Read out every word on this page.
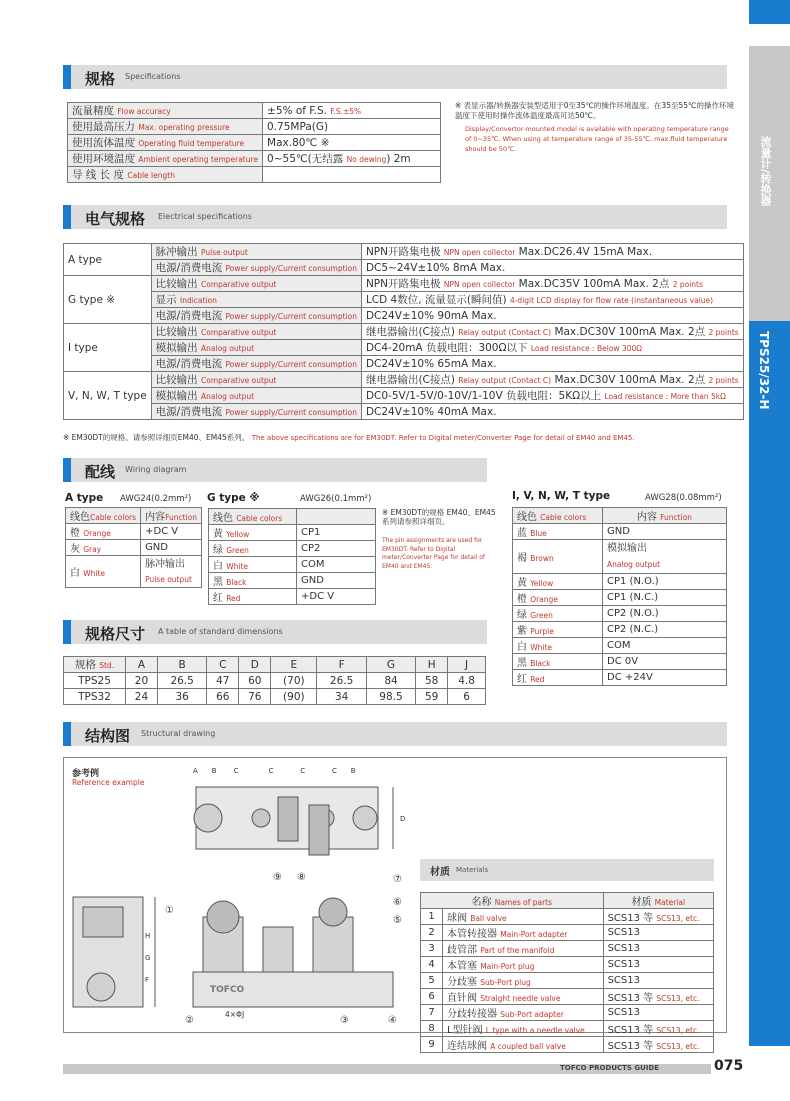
流量计/转换器
TPS25/32-H
规格 Specifications
流量精度 Flow accuracy	±5% of F.S. F.S.±5%
使用最高压力 Max. operating pressure	0.75MPa(G)
使用流体温度 Operating fluid temperature	Max.80℃ ※
使用环境温度 Ambient operating temperature	0~55℃(无结露 No dewing) 2m
导 线 长 度 Cable length	
※ 表显示器/转换器安装型适用于0至35℃的操作环境温度。在35至55℃的操作环境温度下使用时操作流体温度最高可达50℃。
Display/Convertor-mounted model is available with operating temperature range of 0~35℃. When using at temperature range of 35-55℃, max.fluid temperature should be 50℃.
电气规格 Electrical specifications
A type	脉冲输出 Pulse output	NPN开路集电极 NPN open collector Max.DC26.4V 15mA Max.
	电源/消费电流 Power supply/Current consumption	DC5~24V±10% 8mA Max.
G type ※	比较输出 Comparative output	NPN开路集电极 NPN open collector Max.DC35V 100mA Max. 2点 2 points
	显示 Indication	LCD 4数位, 流量显示(瞬间值) 4-digit LCD display for flow rate (instantaneous value)
	电源/消费电流 Power supply/Current consumption	DC24V±10% 90mA Max.
I type	比较输出 Comparative output	继电器输出(C接点) Relay output (Contact C) Max.DC30V 100mA Max. 2点 2 points
	模拟输出 Analog output	DC4-20mA 负载电阻：300Ω以下 Load resistance : Below 300Ω
	电源/消费电流 Power supply/Current consumption	DC24V±10% 65mA Max.
V, N, W, T type	比较输出 Comparative output	继电器输出(C接点) Relay output (Contact C) Max.DC30V 100mA Max. 2点 2 points
	模拟输出 Analog output	DC0-5V/1-5V/0-10V/1-10V 负载电阻：5KΩ以上 Load resistance : More than 5kΩ
	电源/消费电流 Power supply/Current consumption	DC24V±10% 40mA Max.
※ EM30DT的规格。请参照详细页EM40、EM45系列。 The above specifications are for EM30DT. Refer to Digital meter/Converter Page for detail of EM40 and EM45.
配线 Wiring diagram
A type AWG24(0.2mm²)
线色Cable colors	内容Function
橙 Orange	+DC V
灰 Gray	GND
白 White	脉冲输出
Pulse output
G type ※	AWG26(0.1mm²)
线色 Cable colors	
黄 Yellow	CP1
绿 Green	CP2
白 White	COM
黑 Black	GND
红 Red	+DC V
※ EM30DT的规格 EM40、EM45系列请参照详细页。
The pin assignments are used for EM30DT. Refer to Digital meter/Converter Page for detail of EM40 and EM45.
I, V, N, W, T type	AWG28(0.08mm²)
线色 Cable colors	内容 Function
蓝 Blue	GND
褐 Brown	模拟输出
Analog output
黄 Yellow	CP1 (N.O.)
橙 Orange	CP1 (N.C.)
绿 Green	CP2 (N.O.)
紫 Purple	CP2 (N.C.)
白 White	COM
黑 Black	DC 0V
红 Red	DC +24V
规格尺寸 A table of standard dimensions
规格 Std.	A	B	C	D	E	F	G	H	J
TPS25	20	26.5	47	60	(70)	26.5	84	58	4.8
TPS32	24	36	66	76	(90)	34	98.5	59	6
结构图 Structural drawing
参考例
Reference example
A B C	C	C	C B
H
G
F
D
TOFCO
4×ΦJ
①
②	③	④
⑤
⑥
⑦
⑧
⑨	材质 Materials
名称 Names of parts		材质 Material
1	球阀 Ball valve	SCS13 等 SCS13, etc.
2	本管转接器 Main-Port adapter	SCS13
3	歧管部 Part of the manifold	SCS13
4	本管塞 Main-Port plug	SCS13
5	分歧塞 Sub-Port plug	SCS13
6	直针阀 Straight needle valve	SCS13 等 SCS13, etc.
7	分歧转接器 Sub-Port adapter	SCS13
8	L型针阀 L type with a needle valve	SCS13 等 SCS13, etc.
9	连结球阀 A coupled ball valve	SCS13 等 SCS13, etc.
TOFCO PRODUCTS GUIDE	075
